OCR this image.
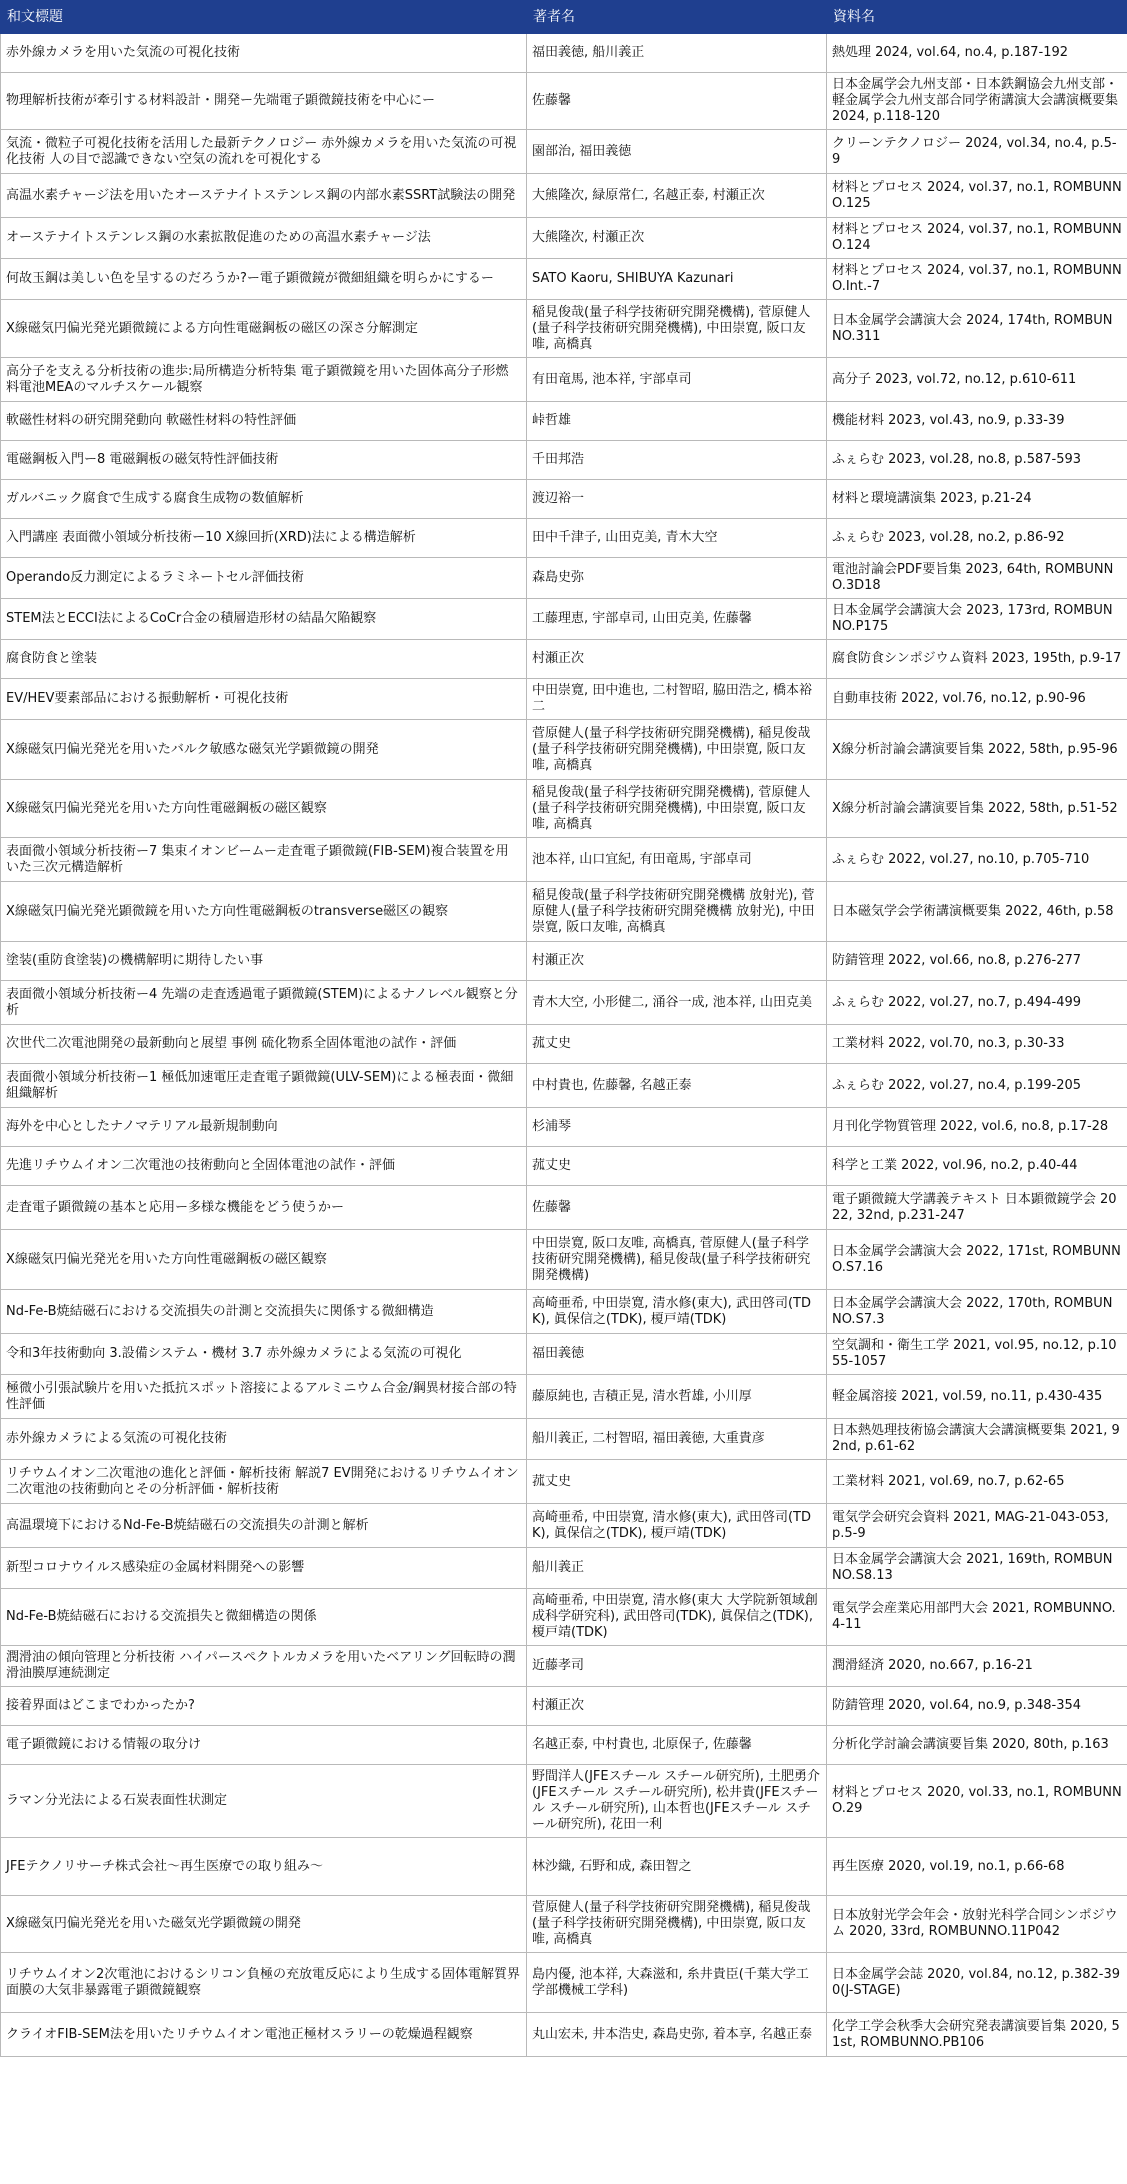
和文標題	著者名	資料名
赤外線カメラを用いた気流の可視化技術	福田義徳, 船川義正	熱処理 2024, vol.64, no.4, p.187-192
物理解析技術が牽引する材料設計・開発ー先端電子顕微鏡技術を中心にー	佐藤馨	日本金属学会九州支部・日本鉄鋼協会九州支部・軽金属学会九州支部合同学術講演大会講演概要集 2024, p.118-120
気流・微粒子可視化技術を活用した最新テクノロジー 赤外線カメラを用いた気流の可視化技術 人の目で認識できない空気の流れを可視化する	園部治, 福田義徳	クリーンテクノロジー 2024, vol.34, no.4, p.5-9
高温水素チャージ法を用いたオーステナイトステンレス鋼の内部水素SSRT試験法の開発	大熊隆次, 緑原常仁, 名越正泰, 村瀬正次	材料とプロセス 2024, vol.37, no.1, ROMBUNNO.125
オーステナイトステンレス鋼の水素拡散促進のための高温水素チャージ法	大熊隆次, 村瀬正次	材料とプロセス 2024, vol.37, no.1, ROMBUNNO.124
何故玉鋼は美しい色を呈するのだろうか?ー電子顕微鏡が微細組織を明らかにするー	SATO Kaoru, SHIBUYA Kazunari	材料とプロセス 2024, vol.37, no.1, ROMBUNNO.Int.-7
X線磁気円偏光発光顕微鏡による方向性電磁鋼板の磁区の深さ分解測定	稲見俊哉(量子科学技術研究開発機構), 菅原健人(量子科学技術研究開発機構), 中田崇寛, 阪口友唯, 高橋真	日本金属学会講演大会 2024, 174th, ROMBUNNO.311
高分子を支える分析技術の進歩:局所構造分析特集 電子顕微鏡を用いた固体高分子形燃料電池MEAのマルチスケール観察	有田竜馬, 池本祥, 宇部卓司	高分子 2023, vol.72, no.12, p.610-611
軟磁性材料の研究開発動向 軟磁性材料の特性評価	峠哲雄	機能材料 2023, vol.43, no.9, p.33-39
電磁鋼板入門ー8 電磁鋼板の磁気特性評価技術	千田邦浩	ふぇらむ 2023, vol.28, no.8, p.587-593
ガルバニック腐食で生成する腐食生成物の数値解析	渡辺裕一	材料と環境講演集 2023, p.21-24
入門講座 表面微小領域分析技術ー10 X線回折(XRD)法による構造解析	田中千津子, 山田克美, 青木大空	ふぇらむ 2023, vol.28, no.2, p.86-92
Operando反力測定によるラミネートセル評価技術	森島史弥	電池討論会PDF要旨集 2023, 64th, ROMBUNNO.3D18
STEM法とECCI法によるCoCr合金の積層造形材の結晶欠陥観察	工藤理恵, 宇部卓司, 山田克美, 佐藤馨	日本金属学会講演大会 2023, 173rd, ROMBUNNO.P175
腐食防食と塗装	村瀬正次	腐食防食シンポジウム資料 2023, 195th, p.9-17
EV/HEV要素部品における振動解析・可視化技術	中田崇寛, 田中進也, 二村智昭, 脇田浩之, 橋本裕二	自動車技術 2022, vol.76, no.12, p.90-96
X線磁気円偏光発光を用いたバルク敏感な磁気光学顕微鏡の開発	菅原健人(量子科学技術研究開発機構), 稲見俊哉(量子科学技術研究開発機構), 中田崇寛, 阪口友唯, 高橋真	X線分析討論会講演要旨集 2022, 58th, p.95-96
X線磁気円偏光発光を用いた方向性電磁鋼板の磁区観察	稲見俊哉(量子科学技術研究開発機構), 菅原健人(量子科学技術研究開発機構), 中田崇寛, 阪口友唯, 高橋真	X線分析討論会講演要旨集 2022, 58th, p.51-52
表面微小領域分析技術ー7 集束イオンビームー走査電子顕微鏡(FIB-SEM)複合装置を用いた三次元構造解析	池本祥, 山口宜紀, 有田竜馬, 宇部卓司	ふぇらむ 2022, vol.27, no.10, p.705-710
X線磁気円偏光発光顕微鏡を用いた方向性電磁鋼板のtransverse磁区の観察	稲見俊哉(量子科学技術研究開発機構 放射光), 菅原健人(量子科学技術研究開発機構 放射光), 中田崇寛, 阪口友唯, 高橋真	日本磁気学会学術講演概要集 2022, 46th, p.58
塗装(重防食塗装)の機構解明に期待したい事	村瀬正次	防錆管理 2022, vol.66, no.8, p.276-277
表面微小領域分析技術ー4 先端の走査透過電子顕微鏡(STEM)によるナノレベル観察と分析	青木大空, 小形健二, 涌谷一成, 池本祥, 山田克美	ふぇらむ 2022, vol.27, no.7, p.494-499
次世代二次電池開発の最新動向と展望 事例 硫化物系全固体電池の試作・評価	菰丈史	工業材料 2022, vol.70, no.3, p.30-33
表面微小領域分析技術ー1 極低加速電圧走査電子顕微鏡(ULV-SEM)による極表面・微細組織解析	中村貴也, 佐藤馨, 名越正泰	ふぇらむ 2022, vol.27, no.4, p.199-205
海外を中心としたナノマテリアル最新規制動向	杉浦琴	月刊化学物質管理 2022, vol.6, no.8, p.17-28
先進リチウムイオン二次電池の技術動向と全固体電池の試作・評価	菰丈史	科学と工業 2022, vol.96, no.2, p.40-44
走査電子顕微鏡の基本と応用ー多様な機能をどう使うかー	佐藤馨	電子顕微鏡大学講義テキスト 日本顕微鏡学会 2022, 32nd, p.231-247
X線磁気円偏光発光を用いた方向性電磁鋼板の磁区観察	中田崇寛, 阪口友唯, 高橋真, 菅原健人(量子科学技術研究開発機構), 稲見俊哉(量子科学技術研究開発機構)	日本金属学会講演大会 2022, 171st, ROMBUNNO.S7.16
Nd-Fe-B焼結磁石における交流損失の計測と交流損失に関係する微細構造	高崎亜希, 中田崇寛, 清水修(東大), 武田啓司(TDK), 眞保信之(TDK), 榎戸靖(TDK)	日本金属学会講演大会 2022, 170th, ROMBUNNO.S7.3
令和3年技術動向 3.設備システム・機材 3.7 赤外線カメラによる気流の可視化	福田義徳	空気調和・衛生工学 2021, vol.95, no.12, p.1055-1057
極微小引張試験片を用いた抵抗スポット溶接によるアルミニウム合金/鋼異材接合部の特性評価	藤原純也, 吉積正晃, 清水哲雄, 小川厚	軽金属溶接 2021, vol.59, no.11, p.430-435
赤外線カメラによる気流の可視化技術	船川義正, 二村智昭, 福田義徳, 大重貴彦	日本熱処理技術協会講演大会講演概要集 2021, 92nd, p.61-62
リチウムイオン二次電池の進化と評価・解析技術 解説7 EV開発におけるリチウムイオン二次電池の技術動向とその分析評価・解析技術	菰丈史	工業材料 2021, vol.69, no.7, p.62-65
高温環境下におけるNd-Fe-B焼結磁石の交流損失の計測と解析	高崎亜希, 中田崇寛, 清水修(東大), 武田啓司(TDK), 眞保信之(TDK), 榎戸靖(TDK)	電気学会研究会資料 2021, MAG-21-043-053, p.5-9
新型コロナウイルス感染症の金属材料開発への影響	船川義正	日本金属学会講演大会 2021, 169th, ROMBUNNO.S8.13
Nd-Fe-B焼結磁石における交流損失と微細構造の関係	高崎亜希, 中田崇寛, 清水修(東大 大学院新領域創成科学研究科), 武田啓司(TDK), 眞保信之(TDK), 榎戸靖(TDK)	電気学会産業応用部門大会 2021, ROMBUNNO.4-11
潤滑油の傾向管理と分析技術 ハイパースペクトルカメラを用いたベアリング回転時の潤滑油膜厚連続測定	近藤孝司	潤滑経済 2020, no.667, p.16-21
接着界面はどこまでわかったか?	村瀬正次	防錆管理 2020, vol.64, no.9, p.348-354
電子顕微鏡における情報の取分け	名越正泰, 中村貴也, 北原保子, 佐藤馨	分析化学討論会講演要旨集 2020, 80th, p.163
ラマン分光法による石炭表面性状測定	野間洋人(JFEスチール スチール研究所), 土肥勇介(JFEスチール スチール研究所), 松井貴(JFEスチール スチール研究所), 山本哲也(JFEスチール スチール研究所), 花田一利	材料とプロセス 2020, vol.33, no.1, ROMBUNNO.29
JFEテクノリサーチ株式会社〜再生医療での取り組み〜	林沙織, 石野和成, 森田智之	再生医療 2020, vol.19, no.1, p.66-68
X線磁気円偏光発光を用いた磁気光学顕微鏡の開発	菅原健人(量子科学技術研究開発機構), 稲見俊哉(量子科学技術研究開発機構), 中田崇寛, 阪口友唯, 高橋真	日本放射光学会年会・放射光科学合同シンポジウム 2020, 33rd, ROMBUNNO.11P042
リチウムイオン2次電池におけるシリコン負極の充放電反応により生成する固体電解質界面膜の大気非暴露電子顕微鏡観察	島内優, 池本祥, 大森滋和, 糸井貴臣(千葉大学工学部機械工学科)	日本金属学会誌 2020, vol.84, no.12, p.382-390(J-STAGE)
クライオFIB-SEM法を用いたリチウムイオン電池正極材スラリーの乾燥過程観察	丸山宏未, 井本浩史, 森島史弥, 着本享, 名越正泰	化学工学会秋季大会研究発表講演要旨集 2020, 51st, ROMBUNNO.PB106
